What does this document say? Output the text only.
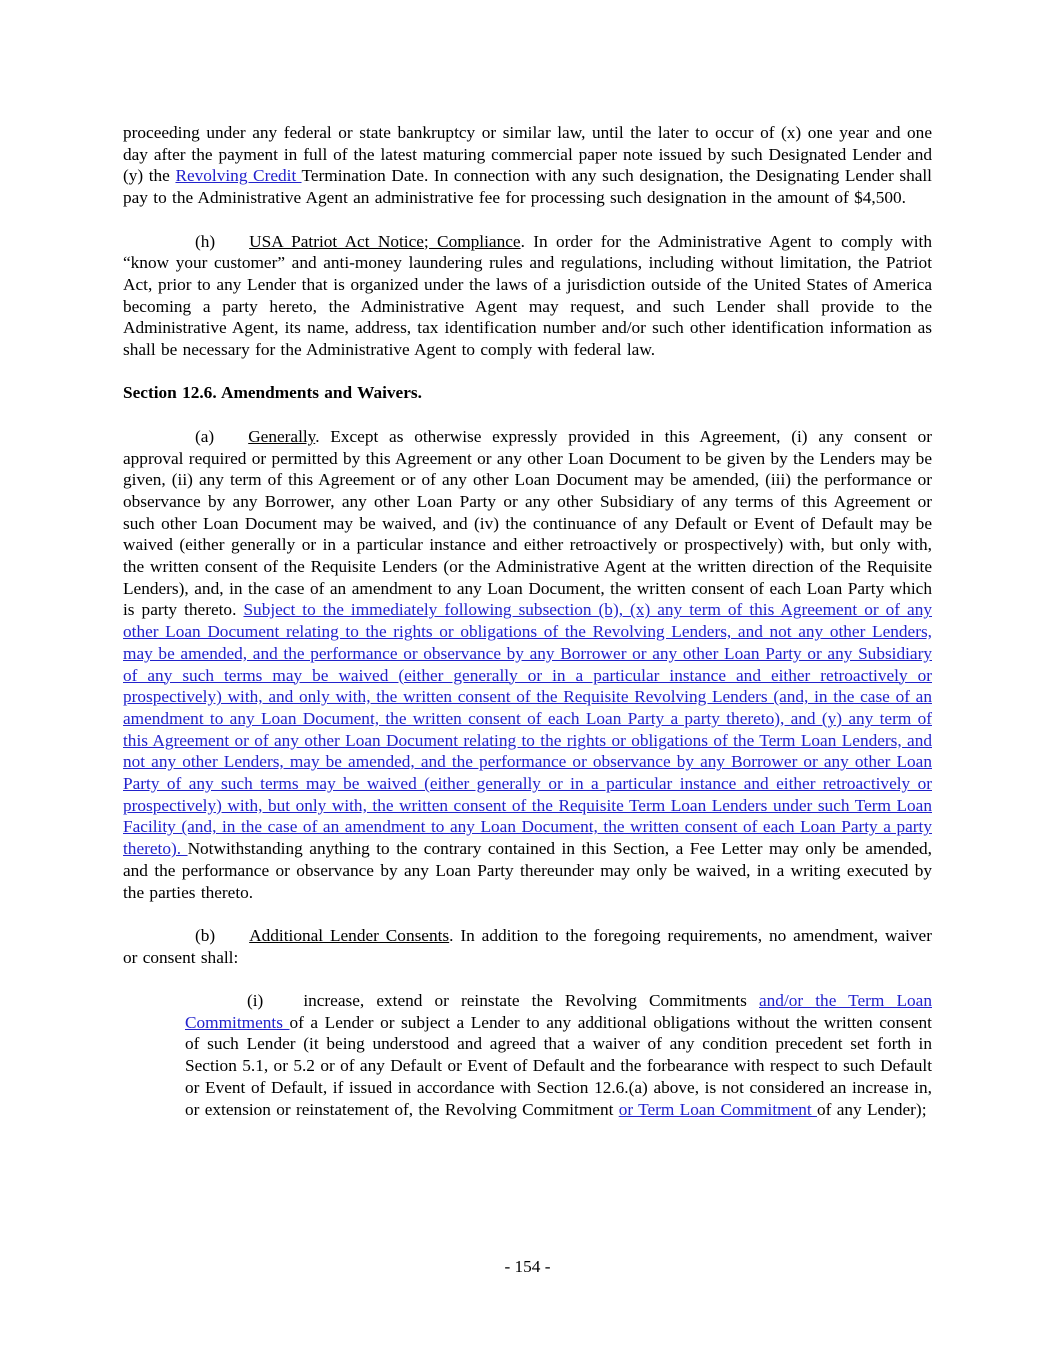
proceeding under any federal or state bankruptcy or similar law, until the later to occur of (x) one year and one day after the payment in full of the latest maturing commercial paper note issued by such Designated Lender and (y) the Revolving Credit Termination Date. In connection with any such designation, the Designating Lender shall pay to the Administrative Agent an administrative fee for processing such designation in the amount of $4,500.
(h) USA Patriot Act Notice; Compliance. In order for the Administrative Agent to comply with “know your customer” and anti-money laundering rules and regulations, including without limitation, the Patriot Act, prior to any Lender that is organized under the laws of a jurisdiction outside of the United States of America becoming a party hereto, the Administrative Agent may request, and such Lender shall provide to the Administrative Agent, its name, address, tax identification number and/or such other identification information as shall be necessary for the Administrative Agent to comply with federal law.
Section 12.6. Amendments and Waivers.
(a) Generally. Except as otherwise expressly provided in this Agreement, (i) any consent or approval required or permitted by this Agreement or any other Loan Document to be given by the Lenders may be given, (ii) any term of this Agreement or of any other Loan Document may be amended, (iii) the performance or observance by any Borrower, any other Loan Party or any other Subsidiary of any terms of this Agreement or such other Loan Document may be waived, and (iv) the continuance of any Default or Event of Default may be waived (either generally or in a particular instance and either retroactively or prospectively) with, but only with, the written consent of the Requisite Lenders (or the Administrative Agent at the written direction of the Requisite Lenders), and, in the case of an amendment to any Loan Document, the written consent of each Loan Party which is party thereto. Subject to the immediately following subsection (b), (x) any term of this Agreement or of any other Loan Document relating to the rights or obligations of the Revolving Lenders, and not any other Lenders, may be amended, and the performance or observance by any Borrower or any other Loan Party or any Subsidiary of any such terms may be waived (either generally or in a particular instance and either retroactively or prospectively) with, and only with, the written consent of the Requisite Revolving Lenders (and, in the case of an amendment to any Loan Document, the written consent of each Loan Party a party thereto), and (y) any term of this Agreement or of any other Loan Document relating to the rights or obligations of the Term Loan Lenders, and not any other Lenders, may be amended, and the performance or observance by any Borrower or any other Loan Party of any such terms may be waived (either generally or in a particular instance and either retroactively or prospectively) with, but only with, the written consent of the Requisite Term Loan Lenders under such Term Loan Facility (and, in the case of an amendment to any Loan Document, the written consent of each Loan Party a party thereto). Notwithstanding anything to the contrary contained in this Section, a Fee Letter may only be amended, and the performance or observance by any Loan Party thereunder may only be waived, in a writing executed by the parties thereto.
(b) Additional Lender Consents. In addition to the foregoing requirements, no amendment, waiver or consent shall:
(i) increase, extend or reinstate the Revolving Commitments and/or the Term Loan Commitments of a Lender or subject a Lender to any additional obligations without the written consent of such Lender (it being understood and agreed that a waiver of any condition precedent set forth in Section 5.1, or 5.2 or of any Default or Event of Default and the forbearance with respect to such Default or Event of Default, if issued in accordance with Section 12.6.(a) above, is not considered an increase in, or extension or reinstatement of, the Revolving Commitment or Term Loan Commitment of any Lender);
- 154 -
